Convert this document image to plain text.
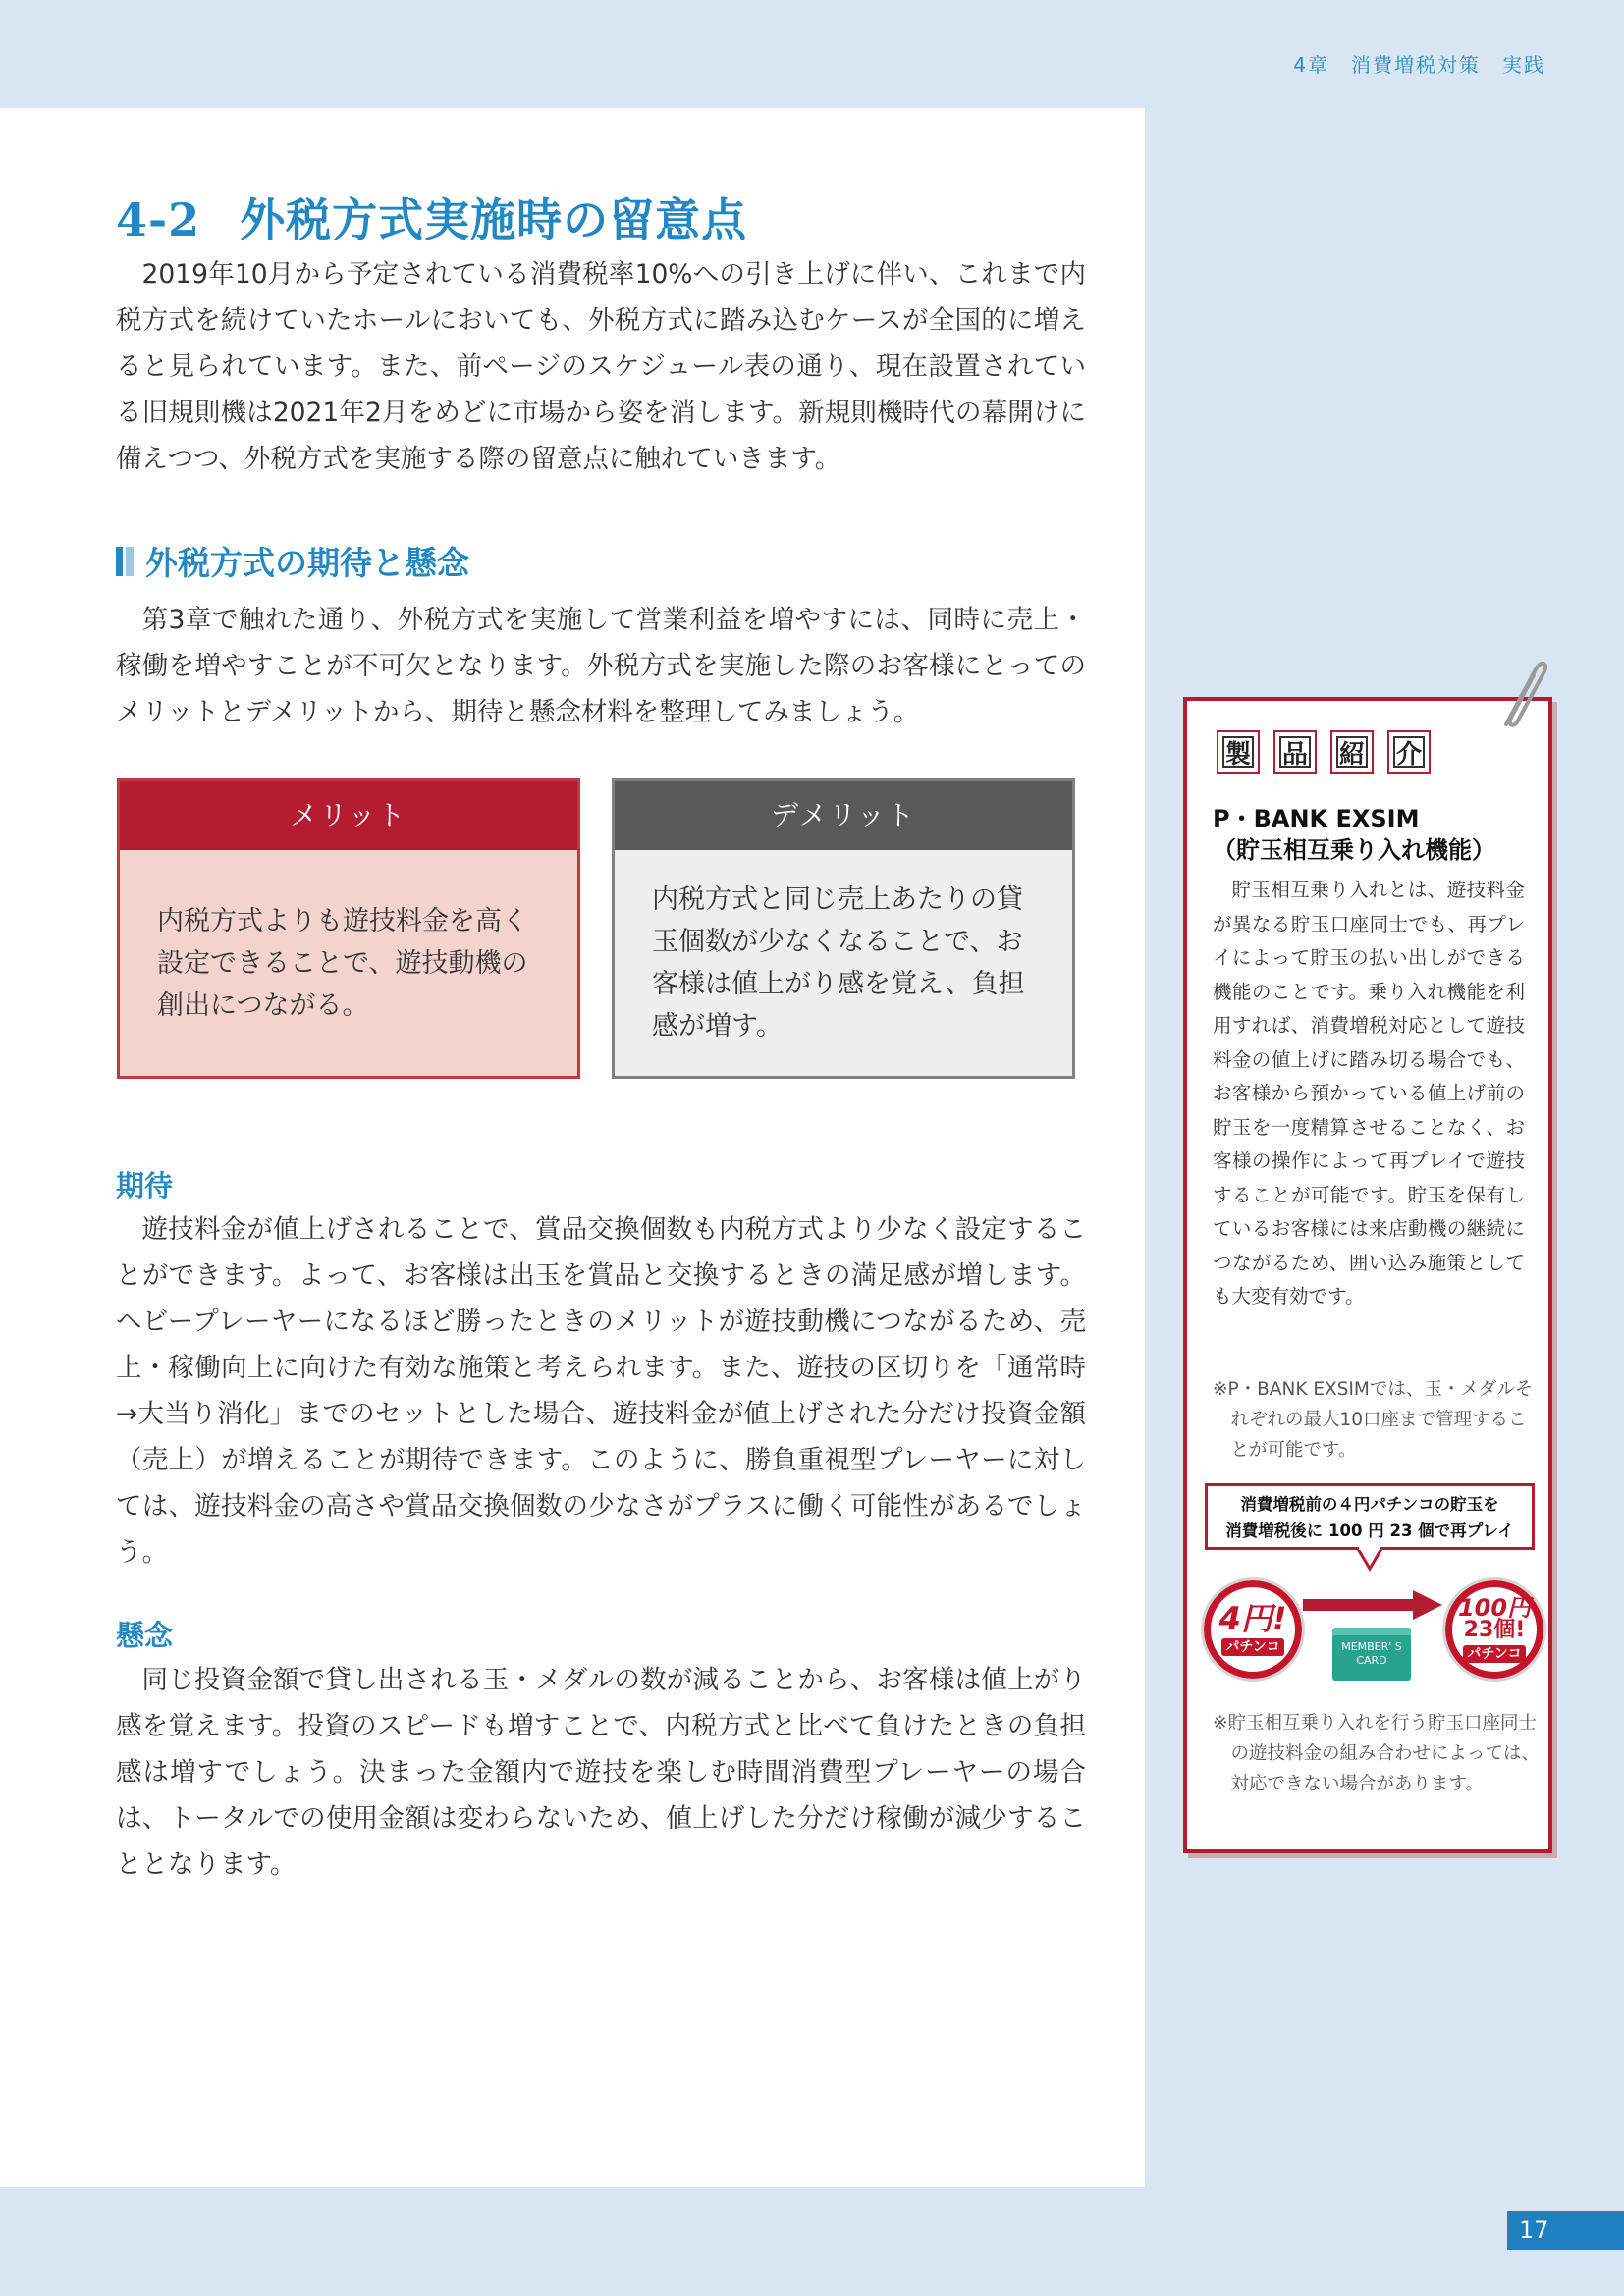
4章　消費増税対策　実践
4-2 外税方式実施時の留意点

2019年10月から予定されている消費税率10%への引き上げに伴い、これまで内税方式を続けていたホールにおいても、外税方式に踏み込むケースが全国的に増えると見られています。また、前ページのスケジュール表の通り、現在設置されている旧規則機は2021年2月をめどに市場から姿を消します。新規則機時代の幕開けに備えつつ、外税方式を実施する際の留意点に触れていきます。

外税方式の期待と懸念

第3章で触れた通り、外税方式を実施して営業利益を増やすには、同時に売上・稼働を増やすことが不可欠となります。外税方式を実施した際のお客様にとってのメリットとデメリットから、期待と懸念材料を整理してみましょう。

メリット
内税方式よりも遊技料金を高く設定できることで、遊技動機の創出につながる。
デメリット
内税方式と同じ売上あたりの貸玉個数が少なくなることで、お客様は値上がり感を覚え、負担感が増す。
期待

遊技料金が値上げされることで、賞品交換個数も内税方式より少なく設定することができます。よって、お客様は出玉を賞品と交換するときの満足感が増します。ヘビープレーヤーになるほど勝ったときのメリットが遊技動機につながるため、売上・稼働向上に向けた有効な施策と考えられます。また、遊技の区切りを「通常時→大当り消化」までのセットとした場合、遊技料金が値上げされた分だけ投資金額（売上）が増えることが期待できます。このように、勝負重視型プレーヤーに対しては、遊技料金の高さや賞品交換個数の少なさがプラスに働く可能性があるでしょう。

懸念

同じ投資金額で貸し出される玉・メダルの数が減ることから、お客様は値上がり感を覚えます。投資のスピードも増すことで、内税方式と比べて負けたときの負担感は増すでしょう。決まった金額内で遊技を楽しむ時間消費型プレーヤーの場合は、トータルでの使用金額は変わらないため、値上げした分だけ稼働が減少することとなります。

製	品	紹	介
P・BANK EXSIM
（貯玉相互乗り入れ機能）

貯玉相互乗り入れとは、遊技料金が異なる貯玉口座同士でも、再プレイによって貯玉の払い出しができる機能のことです。乗り入れ機能を利用すれば、消費増税対応として遊技料金の値上げに踏み切る場合でも、お客様から預かっている値上げ前の貯玉を一度精算させることなく、お客様の操作によって再プレイで遊技することが可能です。貯玉を保有しているお客様には来店動機の継続につながるため、囲い込み施策としても大変有効です。

※P・BANK EXSIMでは、玉・メダルそれぞれの最大10口座まで管理することが可能です。

消費増税前の４円パチンコの貯玉を
消費増税後に 100 円 23 個で再プレイ
4円!
パチンコ	MEMBER' S
CARD
100円
23個!
パチンコ

※貯玉相互乗り入れを行う貯玉口座同士の遊技料金の組み合わせによっては、対応できない場合があります。

17
